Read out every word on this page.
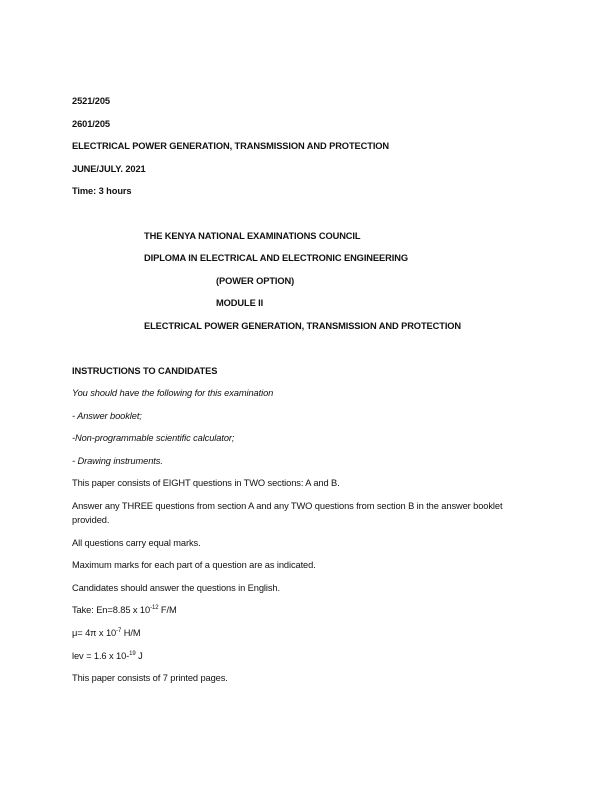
2521/205
2601/205
ELECTRICAL POWER GENERATION, TRANSMISSION AND PROTECTION
JUNE/JULY. 2021
Time: 3 hours
THE KENYA NATIONAL EXAMINATIONS COUNCIL
DIPLOMA IN ELECTRICAL AND ELECTRONIC ENGINEERING
(POWER OPTION)
MODULE II
ELECTRICAL POWER GENERATION, TRANSMISSION AND PROTECTION
INSTRUCTIONS TO CANDIDATES
You should have the following for this examination
- Answer booklet;
-Non-programmable scientific calculator;
- Drawing instruments.
This paper consists of EIGHT questions in TWO sections: A and B.
Answer any THREE questions from section A and any TWO questions from section B in the answer booklet provided.
All questions carry equal marks.
Maximum marks for each part of a question are as indicated.
Candidates should answer the questions in English.
Take: En=8.85 x $10^{-12}$ F/M
μ= 4π x $10^{-7}$ H/M
lev = 1.6 x 10-$^{19}$ J
This paper consists of 7 printed pages.
